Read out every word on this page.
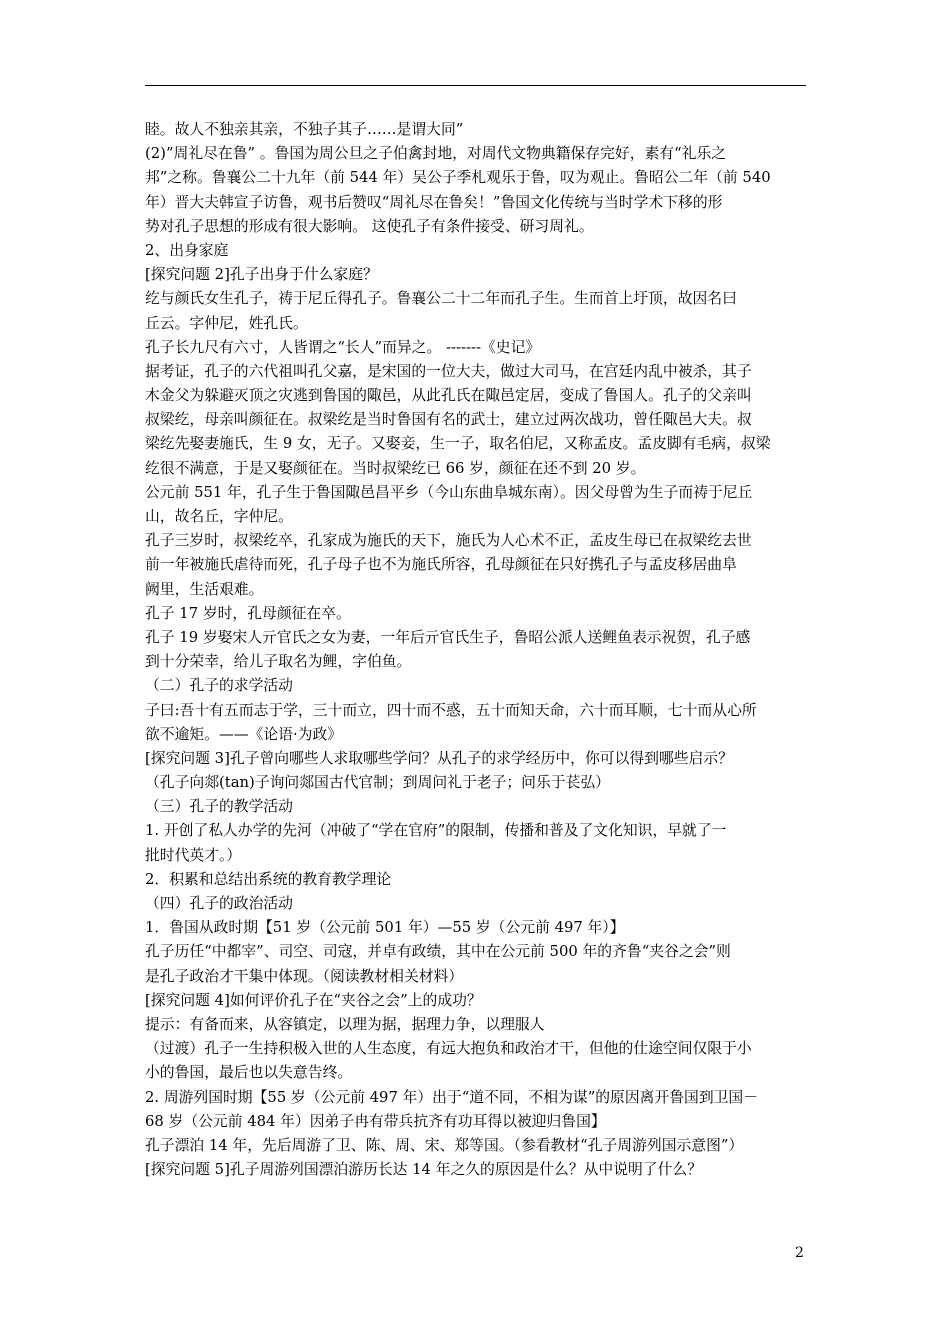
睦。故人不独亲其亲，不独子其子……是谓大同”
(2)”周礼尽在鲁” 。鲁国为周公旦之子伯禽封地，对周代文物典籍保存完好，素有“礼乐之
邦”之称。鲁襄公二十九年（前 544 年）吴公子季札观乐于鲁，叹为观止。鲁昭公二年（前 540
年）晋大夫韩宣子访鲁，观书后赞叹“周礼尽在鲁矣！”鲁国文化传统与当时学术下移的形
势对孔子思想的形成有很大影响。 这使孔子有条件接受、研习周礼。
2、出身家庭
[探究问题 2]孔子出身于什么家庭？
纥与颜氏女生孔子，祷于尼丘得孔子。鲁襄公二十二年而孔子生。生而首上圩顶，故因名曰
丘云。字仲尼，姓孔氏。
孔子长九尺有六寸，人皆谓之“长人”而异之。 -------《史记》
据考证，孔子的六代祖叫孔父嘉，是宋国的一位大夫，做过大司马，在宫廷内乱中被杀，其子
木金父为躲避灭顶之灾逃到鲁国的陬邑，从此孔氏在陬邑定居，变成了鲁国人。孔子的父亲叫
叔梁纥，母亲叫颜征在。叔梁纥是当时鲁国有名的武士，建立过两次战功，曾任陬邑大夫。叔
梁纥先娶妻施氏，生 9 女，无子。又娶妾，生一子，取名伯尼，又称孟皮。孟皮脚有毛病，叔梁
纥很不满意，于是又娶颜征在。当时叔梁纥已 66 岁，颜征在还不到 20 岁。
公元前 551 年，孔子生于鲁国陬邑昌平乡（今山东曲阜城东南）。因父母曾为生子而祷于尼丘
山，故名丘，字仲尼。
孔子三岁时，叔梁纥卒，孔家成为施氏的天下，施氏为人心术不正，孟皮生母已在叔梁纥去世
前一年被施氏虐待而死，孔子母子也不为施氏所容，孔母颜征在只好携孔子与孟皮移居曲阜
阙里，生活艰难。
孔子 17 岁时，孔母颜征在卒。
孔子 19 岁娶宋人亓官氏之女为妻，一年后亓官氏生子，鲁昭公派人送鲤鱼表示祝贺，孔子感
到十分荣幸，给儿子取名为鲤，字伯鱼。
（二）孔子的求学活动
子曰:吾十有五而志于学，三十而立，四十而不惑，五十而知天命，六十而耳顺，七十而从心所
欲不逾矩。——《论语·为政》
[探究问题 3]孔子曾向哪些人求取哪些学问？从孔子的求学经历中，你可以得到哪些启示？
（孔子向郯(tan)子询问郯国古代官制；到周问礼于老子；问乐于苌弘）
（三）孔子的教学活动
1. 开创了私人办学的先河（冲破了“学在官府”的限制，传播和普及了文化知识，早就了一
批时代英才。）
2．积累和总结出系统的教育教学理论
（四）孔子的政治活动
1．鲁国从政时期【51 岁（公元前 501 年）—55 岁（公元前 497 年）】
孔子历任“中都宰”、司空、司寇，并卓有政绩，其中在公元前 500 年的齐鲁“夹谷之会”则
是孔子政治才干集中体现。（阅读教材相关材料）
[探究问题 4]如何评价孔子在“夹谷之会”上的成功？
提示：有备而来，从容镇定，以理为据，据理力争，以理服人
（过渡）孔子一生持积极入世的人生态度，有远大抱负和政治才干，但他的仕途空间仅限于小
小的鲁国，最后也以失意告终。
2. 周游列国时期【55 岁（公元前 497 年）出于“道不同，不相为谋”的原因离开鲁国到卫国－
68 岁（公元前 484 年）因弟子冉有带兵抗齐有功耳得以被迎归鲁国】
孔子漂泊 14 年，先后周游了卫、陈、周、宋、郑等国。（参看教材“孔子周游列国示意图”）
[探究问题 5]孔子周游列国漂泊游历长达 14 年之久的原因是什么？从中说明了什么？
2
